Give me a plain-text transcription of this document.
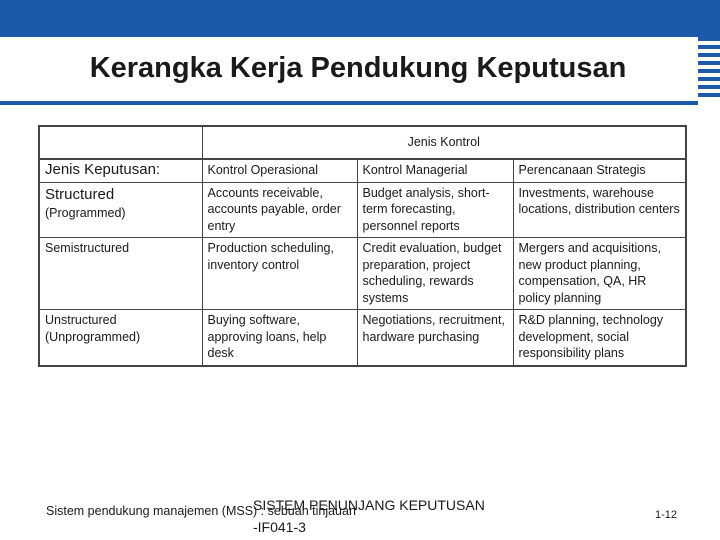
Kerangka Kerja Pendukung Keputusan
	Jenis Kontrol		
Jenis Keputusan:	Kontrol Operasional	Kontrol Managerial	Perencanaan Strategis

Structured
(Programmed)	Accounts receivable, accounts payable, order entry	Budget analysis, short-term forecasting, personnel reports	Investments, warehouse locations, distribution centers

Semistructured	Production scheduling, inventory control	Credit evaluation, budget preparation, project scheduling, rewards systems	Mergers and acquisitions, new product planning, compensation, QA, HR policy planning

Unstructured
(Unprogrammed)	Buying software, approving loans, help desk	Negotiations, recruitment, hardware purchasing	R&D planning, technology development, social responsibility plans
Sistem pendukung manajemen (MSS) : sebuah tinjauan
SISTEM PENUNJANG KEPUTUSAN
-IF041-3
1-12
